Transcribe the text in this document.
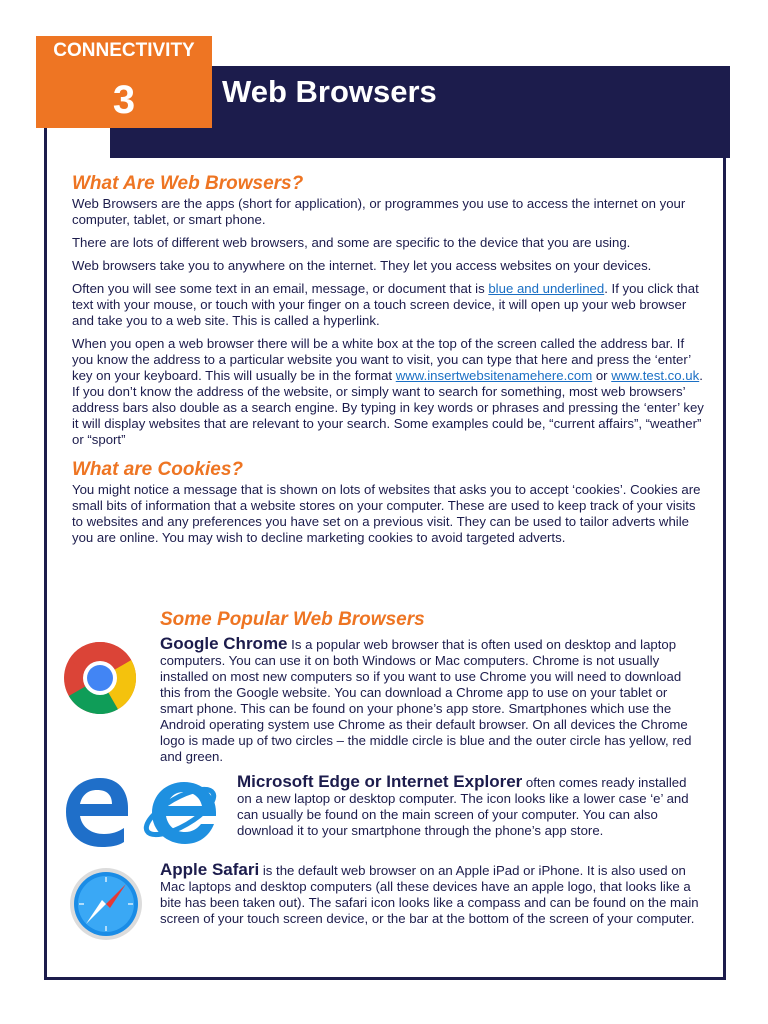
Web Browsers
CONNECTIVITY
3
What Are Web Browsers?

Web Browsers are the apps (short for application), or programmes you use to access the internet on your computer, tablet, or smart phone.

There are lots of different web browsers, and some are specific to the device that you are using.

Web browsers take you to anywhere on the internet. They let you access websites on your devices.

Often you will see some text in an email, message, or document that is blue and underlined. If you click that text with your mouse, or touch with your finger on a touch screen device, it will open up your web browser and take you to a web site. This is called a hyperlink.

When you open a web browser there will be a white box at the top of the screen called the address bar. If you know the address to a particular website you want to visit, you can type that here and press the ‘enter’ key on your keyboard. This will usually be in the format www.insertwebsitenamehere.com or www.test.co.uk. If you don’t know the address of the website, or simply want to search for something, most web browsers’ address bars also double as a search engine. By typing in key words or phrases and pressing the ‘enter’ key it will display websites that are relevant to your search. Some examples could be, “current affairs”, “weather” or “sport”

What are Cookies?

You might notice a message that is shown on lots of websites that asks you to accept ‘cookies’. Cookies are small bits of information that a website stores on your computer. These are used to keep track of your visits to websites and any preferences you have set on a previous visit. They can be used to tailor adverts while you are online. You may wish to decline marketing cookies to avoid targeted adverts.

Some Popular Web Browsers

Google Chrome Is a popular web browser that is often used on desktop and laptop computers. You can use it on both Windows or Mac computers. Chrome is not usually installed on most new computers so if you want to use Chrome you will need to download this from the Google website. You can download a Chrome app to use on your tablet or smart phone. This can be found on your phone’s app store. Smartphones which use the Android operating system use Chrome as their default browser. On all devices the Chrome logo is made up of two circles – the middle circle is blue and the outer circle has yellow, red and green.

Microsoft Edge or Internet Explorer often comes ready installed on a new laptop or desktop computer. The icon looks like a lower case ‘e’ and can usually be found on the main screen of your computer. You can also download it to your smartphone through the phone’s app store.

Apple Safari is the default web browser on an Apple iPad or iPhone. It is also used on Mac laptops and desktop computers (all these devices have an apple logo, that looks like a bite has been taken out). The safari icon looks like a compass and can be found on the main screen of your touch screen device, or the bar at the bottom of the screen of your computer.
